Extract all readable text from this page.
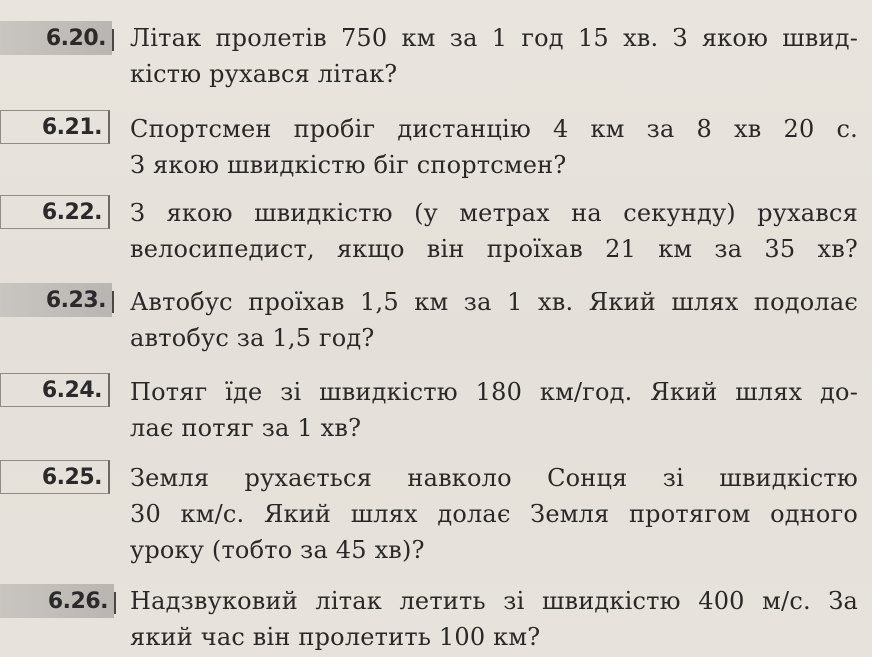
6.20. Літак пролетів 750 км за 1 год 15 хв. З якою швид-
кістю рухався літак?
6.21. Спортсмен пробіг дистанцію 4 км за 8 хв 20 с.
З якою швидкістю біг спортсмен?
6.22. З якою швидкістю (у метрах на секунду) рухався
велосипедист, якщо він проїхав 21 км за 35 хв?
6.23. Автобус проїхав 1,5 км за 1 хв. Який шлях подолає
автобус за 1,5 год?
6.24. Потяг їде зі швидкістю 180 км/год. Який шлях до-
лає потяг за 1 хв?
6.25. Земля рухається навколо Сонця зі швидкістю
30 км/с. Який шлях долає Земля протягом одного
уроку (тобто за 45 хв)?
6.26. Надзвуковий літак летить зі швидкістю 400 м/с. За
який час він пролетить 100 км?
